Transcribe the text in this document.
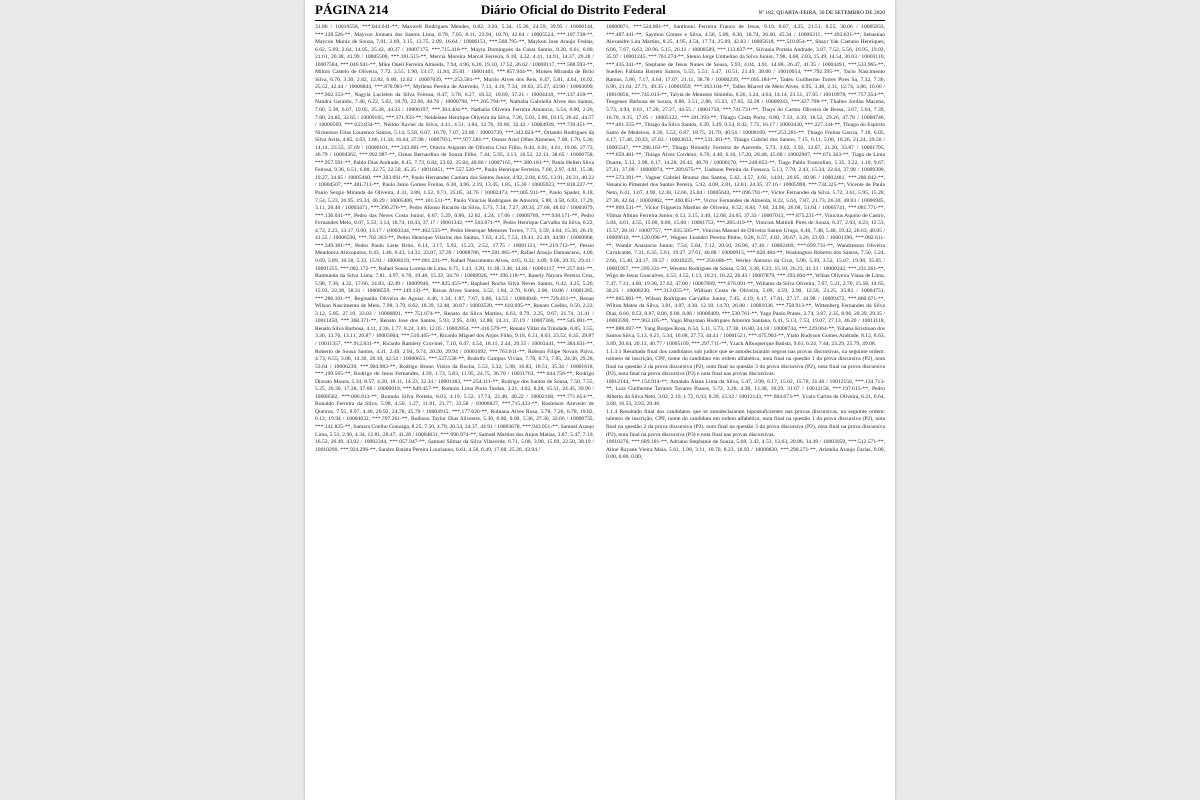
PÁGINA 214	Diário Oficial do Distrito Federal	Nº 182, QUARTA-FEIRA, 30 DE SETEMBRO DE 2020

31.86 / 10010558, ***.044.641-**, Maxwell Rodrigues Mendes, 6.82, 3.20, 5.34, 15.36, 24.59, 39.95 / 10006144, ***.128.526-**, Maycon Jonnata dos Santos Lima, 8.78, 7.05, 8.11, 23.94, 18.70, 42.64 / 10005524, ***.107.738-**, Maycon Muniz de Souza, 7.91, 2.69, 3.15, 13.75, 2.89, 16.64 / 10006151, ***.568.795-**, Maykon Jose Araujo Freitas, 6.62, 5.69, 2.64, 14.95, 25.42, 40.37 / 10007175, ***.715.418-**, Mayra Domingues da Costa Santos, 8.20, 6.61, 6.80, 21.61, 20.38, 41.99 / 10005500, ***.181.515-**, Mercia Moreira Marcal Ferreira, 6.18, 4.32, 4.41, 14.91, 14.37, 29.28 / 10007584, ***.046.941-**, Mike Oneil Ferreira Almeida, 7.94, 4.96, 6.20, 19.10, 17.52, 36.62 / 10008117, ***.508.593-**, Milton Castelo de Oliveira, 7.72, 3.55, 1.90, 13.17, 11.84, 25.01 / 10001401, ***.857.944-**, Moises Miranda de Brito Silva, 6.70, 3.30, 2.82, 12.82, 0.00, 12.82 / 10007039, ***.253.581-**, Murilo Alves dos Reis, 6.47, 5.81, 4.64, 16.92, 25.52, 42.44 / 10008844, ***.878.981-**, Myllena Pereira de Azevedo, 7.13, 4.16, 7.34, 18.63, 25.27, 43.90 / 10003699, ***.902.153-**, Nagyla Lucielen da Silva Feitosa, 8.47, 3.78, 6.27, 18.52, 18.69, 37.21 / 10004418, ***.137.418-**, Nandra Geraldo, 7.46, 6.22, 5.02, 18.70, 22.06, 40.76 / 10000798, ***.205.794-**, Nathalia Gabriella Alves dos Santos, 7.00, 5.38, 6.67, 19.05, 25.28, 44.33 / 10006197, ***.304.404-**, Nathalia Oliveira Ferreira Amancio, 5.54, 0.00, 2.26, 7.80, 24.85, 32.65 / 10009185, ***.371.933-**, Neidelane Henrique Oliveira da Silva, 7.26, 5.03, 5.86, 18.15, 26.42, 44.57 / 10000569, ***.633.834-**, Neildo Xavier da Silva, 4.41, 4.51, 3.84, 12.76, 19.66, 32.42 / 10004939, ***.739.451-**, Nickerson Elias Lourenco Santos, 5.14, 5.58, 6.07, 16.79, 7.07, 23.86 / 10003739, ***.342.024-**, Orlando Rodrigues da Silva Avila, 4.85, 4.63, 1.86, 11.34, 16.64, 27.98 / 10007931, ***.977.581-**, Osmar Ariel Olher Ximenes, 7.08, 1.70, 5.36, 14.14, 23.55, 37.69 / 10000101, ***.243.801-**, Otavio Augusto de Oliveira Cruz Filho, 8.44, 6.01, 4.61, 19.06, 27.73, 46.79 / 10004362, ***.992.987-**, Ozeas Bernardino de Souza Filho, 7.44, 5.95, 3.13, 16.52, 22.13, 38.65 / 10006758, ***.957.591-**, Pablo Dias Andrade, 8.45, 7.73, 6.84, 23.02, 25.84, 48.86 / 10007165, ***.380.181-**, Paula Hellen Silva Feitosa, 9.36, 6.51, 6.88, 22.75, 22.50, 45.25 / 10010451, ***.557.526-**, Paulo Henrique Ferreira, 7.60, 2.97, 4.81, 15.38, 19.27, 34.65 / 10005460, ***.303.091-**, Paulo Hernandes Camara dos Santos Junior, 4.92, 2.04, 6.95, 13.91, 26.31, 40.22 / 10004507, ***.481.711-**, Paulo Janio Gomes Freitas, 6.30, 4.96, 2.19, 13.45, 1.85, 15.30 / 10005923, ***.818.227-**, Paulo Sergio Miranda de Oliveira, 4.31, 3.88, 1.52, 9.71, 25.05, 34.76 / 10002473, ***.005.911-**, Paulo Spader, 8.18, 7.54, 5.23, 20.95, 19.34, 40.29 / 10005406, ***.101.511-**, Paulo Vinicius Rodrigues de Amorim, 5.88, 4.58, 6.83, 17.29, 3.11, 20.40 / 10003471, ***.396.276-**, Pedro Afonso Ricardo da Silva, 5.73, 7.34, 7.27, 20.34, 27.68, 48.02 / 10003079, ***.136.041-**, Pedro das Neves Costa Junior, 6.67, 5.29, 0.86, 12.82, 4.24, 17.06 / 10008769, ***.938.171-**, Pedro Fernandes Melo, 8.07, 5.53, 3.14, 18.74, 18.43, 37.17 / 10001342, ***.563.071-**, Pedro Henrique Carvalho da Silva, 6.22, 4.72, 2.23, 13.17, 0.00, 13.17 / 10003344, ***.462.533-**, Pedro Henrique Menezes Torres, 7.73, 3.59, 4.04, 15.36, 26.19, 41.55 / 10006590, ***.782.361-**, Pedro Henrique Vilarins dos Santos, 7.63, 4.25, 7.53, 19.41, 25.49, 44.90 / 10009968, ***.349.381-**, Pedro Paulo Leite Brito, 6.14, 3.17, 5.92, 15.23, 2.52, 17.75 / 10001123, ***.219.712-**, Pessio Mendonca Alexopulos, 6.43, 1.46, 6.43, 14.32, 23.07, 37.39 / 10008786, ***.501.065-**, Rafael Araujo Damasceno, 4.00, 0.69, 5.89, 10.58, 5.33, 15.91 / 10008219, ***.001.231-**, Rafael Nascimento Alves, 4.65, 0.32, 4.09, 9.06, 20.35, 29.41 / 10001255, ***.082.172-**, Rafael Sousa Lorena de Lima, 6.75, 1.43, 3.20, 11.38, 3.46, 14.84 / 10001117, ***.257.041-**, Raimunda da Silva Lima, 7.81, 4.97, 6.70, 19.48, 15.22, 34.70 / 10009926, ***.396.118-**, Ranely Nayara Pereira Cruz, 5.98, 7.36, 4.32, 17.66, 24.83, 42.49 / 10009946, ***.825.455-**, Raphael Rocha Silva Neves Santos, 6.42, 4.25, 5.26, 15.93, 22.38, 38.31 / 10008559, ***.149.131-**, Ravan Alves Santos, 3.52, 1.84, 2.70, 8.06, 2.00, 10.06 / 10001285, ***.286.101-**, Reginaldo Oliveira de Aguiar, 4.46, 1.34, 1.87, 7.67, 6.86, 14.53 / 10004040, ***.729.431-**, Renan Wilson Nascimento de Melo, 7.98, 3.79, 6.62, 18.39, 12.48, 30.87 / 10003520, ***.610.695-**, Renato Coelho, 0.50, 2.23, 3.12, 5.85, 27.18, 33.03 / 10006891, ***.751.674-**, Renato da Silva Martins, 6.63, 0.79, 2.25, 9.67, 21.74, 31.41 / 10011450, ***.368.371-**, Renato Jose dos Santos, 5.93, 2.95, 4.00, 12.88, 24.31, 37.19 / 10007360, ***.545.001-**, Renato Silva Barbosa, 4.11, 2.36, 1.77, 8.24, 3.81, 12.05 / 10002854, ***.416.579-**, Renato Villar da Trindade, 6.85, 3.55, 3.36, 13.76, 13.11, 26.87 / 10005604, ***.510.465-**, Ricardo Miguel dos Anjos Filho, 9.18, 6.31, 8.03, 23.52, 6.35, 29.87 / 10011357, ***.912.831-**, Ricardo Ramiery Cruvinel, 7.10, 6.47, 4.54, 18.11, 2.44, 20.55 / 10003441, ***.384.631-**, Roberto de Sousa Santos, 4.31, 2.49, 2.94, 9.74, 20.20, 29.94 / 10001692, ***.763.811-**, Robson Filipe Novais Paiva, 4.73, 6.55, 3.08, 14.36, 28.18, 42.54 / 10000651, ***.527.538-**, Rodolfo Campos Vivian, 7.78, 8.73, 7.85, 24.36, 29.28, 53.64 / 10006239, ***.904.983-**, Rodrigo Bruno Vieira da Rocha, 5.53, 5.32, 5.98, 16.83, 18.51, 35.34 / 10001618, ***.199.565-**, Rodrigo de Jesus Fernandes, 4.39, 1.73, 5.83, 11.95, 24.75, 36.70 / 10011763, ***.044.756-**, Rodrigo Diorato Moura, 5.34, 8.57, 4.20, 18.11, 14.23, 32.34 / 10001483, ***.254.111-**, Rodrigo dos Santos de Sousa, 7.50, 7.55, 5.25, 20.30, 17.38, 37.68 / 10000019, ***.649.457-**, Romulo Lima Porto Tardan, 3.21, 4.02, 8.28, 15.51, 24.45, 39.96 / 10008502, ***.086.813-**, Romulo Silva Portela, 8.03, 4.19, 5.52, 17.74, 22.48, 40.22 / 10002168, ***.771.654-**, Ronaldo Ferreira da Silva, 5.98, 4.56, 1.27, 11.81, 21.77, 33.58 / 10006827, ***.715.433-**, Rosielson Azevedo de Queiroz, 7.55, 8.97, 4.40, 20.92, 24.78, 45.70 / 10004915, ***.177.620-**, Rubiana Alves Rosa, 5.78, 7.26, 6.78, 19.82, 0.12, 19.94 / 10004632, ***.707.261-**, Rudison Taylor Dias Silvestre, 5.36, 0.00, 0.00, 5.36, 27.30, 32.66 / 10000735, ***.141.835-**, Samara Coelho Gonzaga, 8.25, 7.50, 4.79, 20.54, 24.37, 44.91 / 10003678, ***.943.051-**, Samuel Araujo Lima, 5.51, 2.96, 4.34, 12.81, 28.47, 41.28 / 10004831, ***.096.974-**, Samuel Martins dos Anjos Matias, 3.87, 5.47, 7.19, 16.53, 26.49, 43.02 / 10002344, ***.057.947-**, Samuel Silmar da Silva Vilaverde, 6.71, 5.08, 3.90, 15.69, 22.50, 38.19 / 10010290, ***.924.296-**, Sandro Batista Pereira Lourianno, 6.61, 4.58, 6.49, 17.68, 25.26, 42.94 /

10000871, ***.524.801-**, Santinoni Ferreira Franco de Jesus, 9.19, 8.07, 4.25, 21.51, 8.55, 30.06 / 10005833, ***.487.441-**, Saymon Gomes e Silva, 4.58, 5.80, 8.36, 18.74, 26.60, 45.34 / 10006311, ***.493.631-**, Sebastiao Alexandre Lira Martins, 8.25, 4.95, 4.54, 17.74, 25.09, 42.83 / 10005618, ***.510.854-**, Shayr Yak Caetano Henriques, 6.66, 7.67, 6.63, 20.96, 5.15, 26.11 / 10008589, ***.113.837-**, Silvania Portela Andrade, 3.87, 7.52, 5.56, 16.95, 19.02, 35.97 / 10001245, ***.761.274-**, Stenio Jorge Umbelino da Silva Junior, 7.98, 4.68, 2.83, 15.49, 14.54, 30.03 / 10003110, ***.435.341-**, Stephane de Jesus Nunes de Sousa, 5.93, 4.04, 4.91, 14.88, 26.47, 41.35 / 10004491, ***.533.965-**, Suellen Fabiana Barreto Santos, 5.53, 5.51, 5.47, 16.51, 21.49, 38.00 / 10010054, ***.792.395-**, Tacio Nascimento Ramos, 5.86, 7.17, 4.64, 17.67, 21.11, 38.78 / 10000239, ***.095.184-**, Tadeu Guilherme Torres Pires Sa, 7.32, 7.36, 6.96, 21.64, 27.71, 49.35 / 10001859, ***.383.104-**, Talles Rhavel de Melo Alves, 6.95, 3.48, 2.31, 12.74, 3.86, 16.60 / 10010856, ***.745.013-**, Talyta de Menezes Sinimbu, 6.26, 3.24, 4.64, 14.14, 23.51, 37.65 / 10010978, ***.757.354-**, Teogenes Barbosa de Souza, 8.86, 3.51, 2.86, 15.23, 17.05, 32.28 / 10006943, ***.427.708-**, Thalles Jordao Macena, 5.73, 4.94, 6.61, 17.28, 27.27, 44.55 / 10001758, ***.741.731-**, Thays do Carmo Oliveira de Bessa, 3.67, 5.64, 7.39, 16.70, 0.35, 17.05 / 10005122, ***.181.393-**, Thiago Costa Porto, 6.80, 7.33, 4.39, 18.52, 29.26, 47.78 / 10008746, ***.461.555-**, Thiago da Silva Santos, 4.39, 3.49, 0.54, 8.42, 7.75, 16.17 / 10003430, ***.227.334-**, Thiago do Espirito Santo de Medeiros, 6.36, 5.52, 6.87, 18.75, 21.79, 40.54 / 10008109, ***.253.281-**, Thiago Freitas Garcia, 7.18, 6.05, 4.17, 17.40, 20.43, 37.83 / 10003633, ***.531.381-**, Thiago Gabriel dos Santos, 7.15, 6.11, 5.00, 18.26, 21.24, 39.50 / 10005547, ***.286.163-**, Thiago Ronielly Ferreira de Azevedo, 5.73, 3.02, 3.92, 12.67, 21.20, 33.87 / 10001795, ***.659.401-**, Thiago Alves Cordeiro, 6.70, 4.40, 6.10, 17.20, 28.48, 45.68 / 10002907, ***.671.363-**, Tiago de Lima Duarte, 5.13, 2.98, 6.17, 14.28, 26.42, 40.70 / 10000170, ***.240.853-**, Tiago Pablo Francelino, 5.35, 3.22, 1.10, 9.67, 27.41, 37.08 / 10008974, ***.289.675-**, Uadsson Pereira da Fonseca, 5.13, 7.78, 2.43, 15.34, 22.64, 37.98 / 10009390, ***.573.391-**, Vagner Gabriel Brauna dos Santos, 5.42, 4.57, 4.02, 14.01, 26.95, 40.96 / 10002481, ***.280.042-**, Venancio Pimentel dos Santos Pereira, 5.92, 4.08, 2.81, 12.81, 24.35, 37.16 / 10005998, ***.734.325-**, Vicente de Paula Neto, 6.41, 1.07, 4.90, 12.38, 12.66, 25.04 / 10005643, ***.096.791-**, Victor Fernandes da Silva, 5.72, 3.61, 5.95, 15.28, 27.36, 42.64 / 10002062, ***.460.851-**, Victor Fernandes de Almeida, 8.22, 5.64, 7.87, 21.73, 26.30, 48.03 / 10006945, ***.869.531-**, Victor Filgueira Martins de Oliveira, 8.52, 8.84, 7.60, 24.96, 26.68, 51.64 / 10005741, ***.081.771-**, Vilmar Albino Ferreira Junior, 6.13, 3.15, 3.40, 12.68, 24.65, 37.33 / 10007013, ***.875.231-**, Vinicius Aquino de Castro, 5.84, 4.61, 4.55, 15.00, 0.00, 15.00 / 10001753, ***.285.419-**, Vinicius Mattioli Pires de Souza, 6.27, 2.03, 4.23, 12.53, 15.57, 28.10 / 10007757, ***.035.505-**, Vinicius Manuel de Oliveira Santos Uruga, 6.46, 7.48, 5.48, 19.42, 28.63, 48.05 / 10009610, ***.120.096-**, Wagner Leandro Pereira Pinho, 9.28, 6.57, 4.82, 20.67, 3.26, 23.93 / 10001390, ***.082.611-**, Wandir Anastacio Junior, 7.54, 5.84, 7.12, 20.50, 26.96, 47.46 / 10002469, ***.699.731-**, Wandresson Oliveira Cavalcante, 7.31, 6.35, 5.61, 19.27, 27.61, 46.88 / 10000915, ***.020.484-**, Washington Roberto dos Santos, 7.50, 5.24, 2.66, 15.40, 24.17, 39.57 / 10010225, ***.250.686-**, Werley Antonio da Cruz, 5.96, 5.39, 3.52, 15.07, 19.98, 35.05 / 10001957, ***.599.331-**, Weumo Rodrigues de Sousa, 5.50, 3.38, 6.22, 15.10, 26.23, 41.33 / 10000242, ***.231.261-**, Wigo de Jesus Goncalves, 4.53, 4.55, 1.13, 10.21, 16.22, 26.43 / 10007879, ***.393.604-**, Wilias Oliveira Viana de Lima, 7.47, 7.31, 4.60, 19.38, 27.62, 47.00 / 10007689, ***.676.091-**, Willams da Silva Oliveira, 7.67, 5.21, 2.70, 15.58, 14.65, 30.23 / 10008230, ***.312.055-**, William Costa de Oliveira, 5.09, 4.59, 2.90, 12.58, 23.25, 35.83 / 10004751, ***.865.001-**, Wilson Rodrigues Carvalho Junior, 7.45, 4.19, 6.17, 17.81, 27.17, 44.98 / 10009472, ***.860.671-**, Wilton Matos da Silva, 3.81, 4.07, 4.30, 12.18, 14.70, 26.88 / 10001036, ***.758.913-**, Wittenberg Fernandes da Silva Dias, 6.66, 0.53, 0.87, 8.06, 0.00, 8.06 / 10000409, ***.530.761-**, Yago Paolo Prates, 2.74, 3.87, 2.35, 8.96, 20.39, 29.35 / 10003590, ***.963.105-**, Yago Rhayman Rodrigues Amorim Santana, 6.41, 5.13, 7.53, 19.07, 27.13, 46.20 / 10011118, ***.888.697-**, Yang Borges Rosa, 6.54, 5.11, 5.73, 17.38, 16.80, 34.18 / 10008744, ***.229.064-**, Yohana Kristinan dos Santos Silva, 5.13, 6.21, 5.34, 16.68, 27.73, 44.41 / 10001521, ***.475.903-**, Ytalo Rudyson Gomes Andrade, 8.12, 8.63, 3.89, 20.64, 20.13, 40.77 / 10005169, ***.297.711-**, Yzack Albuquerque Batista, 9.61, 6.24, 7.44, 23.29, 25.79, 49.08.

1.1.3.1 Resultado final dos candidatos sub judice que se autodeclararam negros nas provas discursivas, na seguinte ordem: número de inscrição, CPF, nome do candidato em ordem alfabética, nota final na questão 1 da prova discursiva (P2), nota final na questão 2 da prova discursiva (P2), nota final na questão 3 da prova discursiva (P2), nota final na prova discursiva (P2), nota final na prova discursiva (P3) e nota final nas provas discursivas.

10012144, ***.154.914-**, Amanda Alana Lima da Silva, 5.47, 3.98, 6.17, 15.62, 15.78, 31.40 / 10012156, ***.134.713-**, Luiz Guilherme Tavares Tavares Passos, 5.72, 3.28, 4.38, 13.38, 18.29, 31.67 / 10012158, ***.197.613-**, Pedro Alberto da Silva Neto, 3.02, 2.19, 1.72, 6.93, 8.39, 15.32 / 10012143, ***.684.673-**, Ycaro Carlos de Oliveira, 6.21, 6.64, 3.68, 16.53, 3.93, 20.46.

1.1.4 Resultado final dos candidatos que se autodeclararam hipossuficientes nas provas discursivas, na seguinte ordem: número de inscrição, CPF, nome do candidato em ordem alfabética, nota final na questão 1 da prova discursiva (P2), nota final na questão 2 da prova discursiva (P2), nota final na questão 3 da prova discursiva (P2), nota final na prova discursiva (P2), nota final na prova discursiva (P3) e nota final nas provas discursivas.

10010276, ***.689.181-**, Adriano Stephanie de Souza, 5.68, 3.42, 4.53, 13.63, 20.86, 34.49 / 10003959, ***.512.571-**, Aline Rayane Vieira Maia, 5.61, 1.98, 3.11, 10.70, 8.23, 18.93 / 10000820, ***.290.271-**, Aristelia Araujo Farias, 0.00, 0.00, 0.00, 0.00,
